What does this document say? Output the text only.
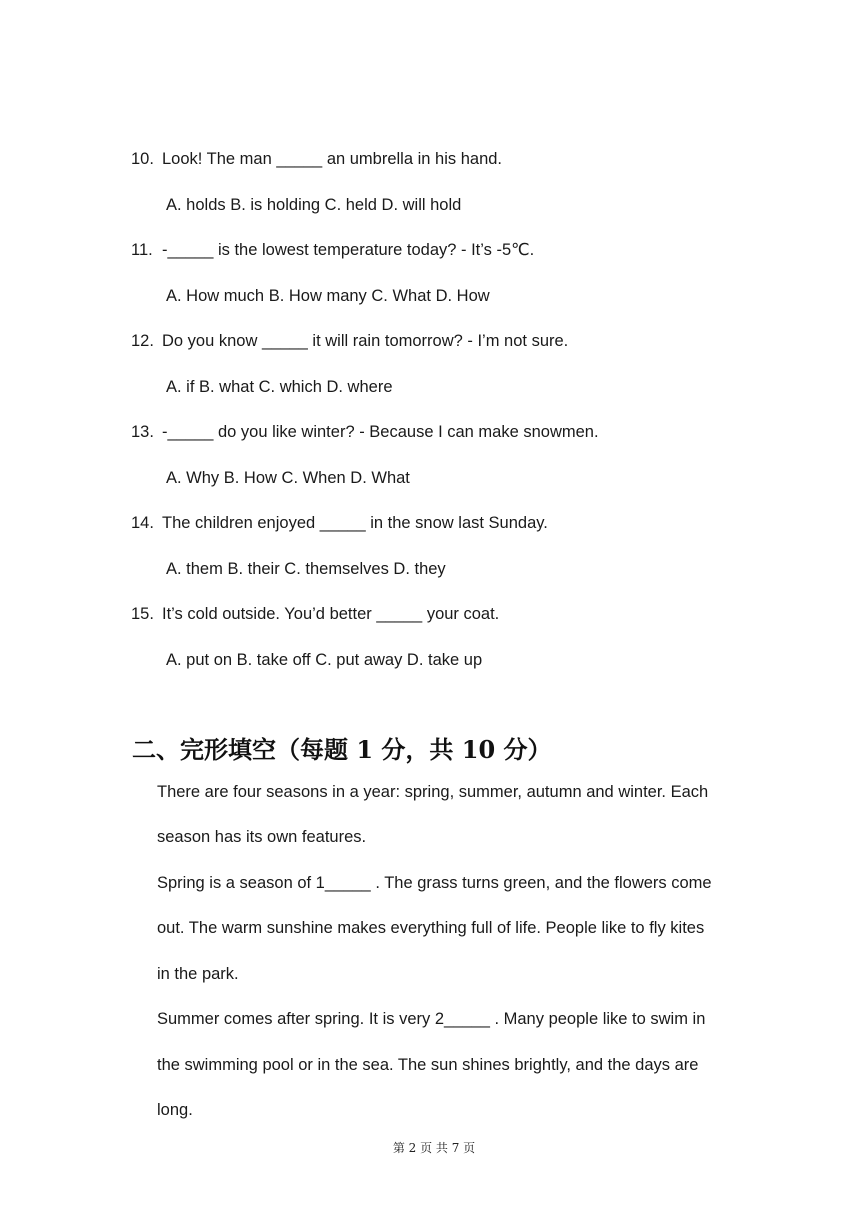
10. Look! The man _____ an umbrella in his hand.
A. holds B. is holding C. held D. will hold
11. -_____ is the lowest temperature today? - It’s -5℃.
A. How much B. How many C. What D. How
12. Do you know _____ it will rain tomorrow? - I’m not sure.
A. if B. what C. which D. where
13. -_____ do you like winter? - Because I can make snowmen.
A. Why B. How C. When D. What
14. The children enjoyed _____ in the snow last Sunday.
A. them B. their C. themselves D. they
15. It’s cold outside. You’d better _____ your coat.
A. put on B. take off C. put away D. take up
二、完形填空（每题 1 分，共 10 分）
There are four seasons in a year: spring, summer, autumn and winter. Each
season has its own features.
Spring is a season of 1_____ . The grass turns green, and the flowers come
out. The warm sunshine makes everything full of life. People like to fly kites
in the park.
Summer comes after spring. It is very 2_____ . Many people like to swim in
the swimming pool or in the sea. The sun shines brightly, and the days are
long.
第 2 页 共 7 页
